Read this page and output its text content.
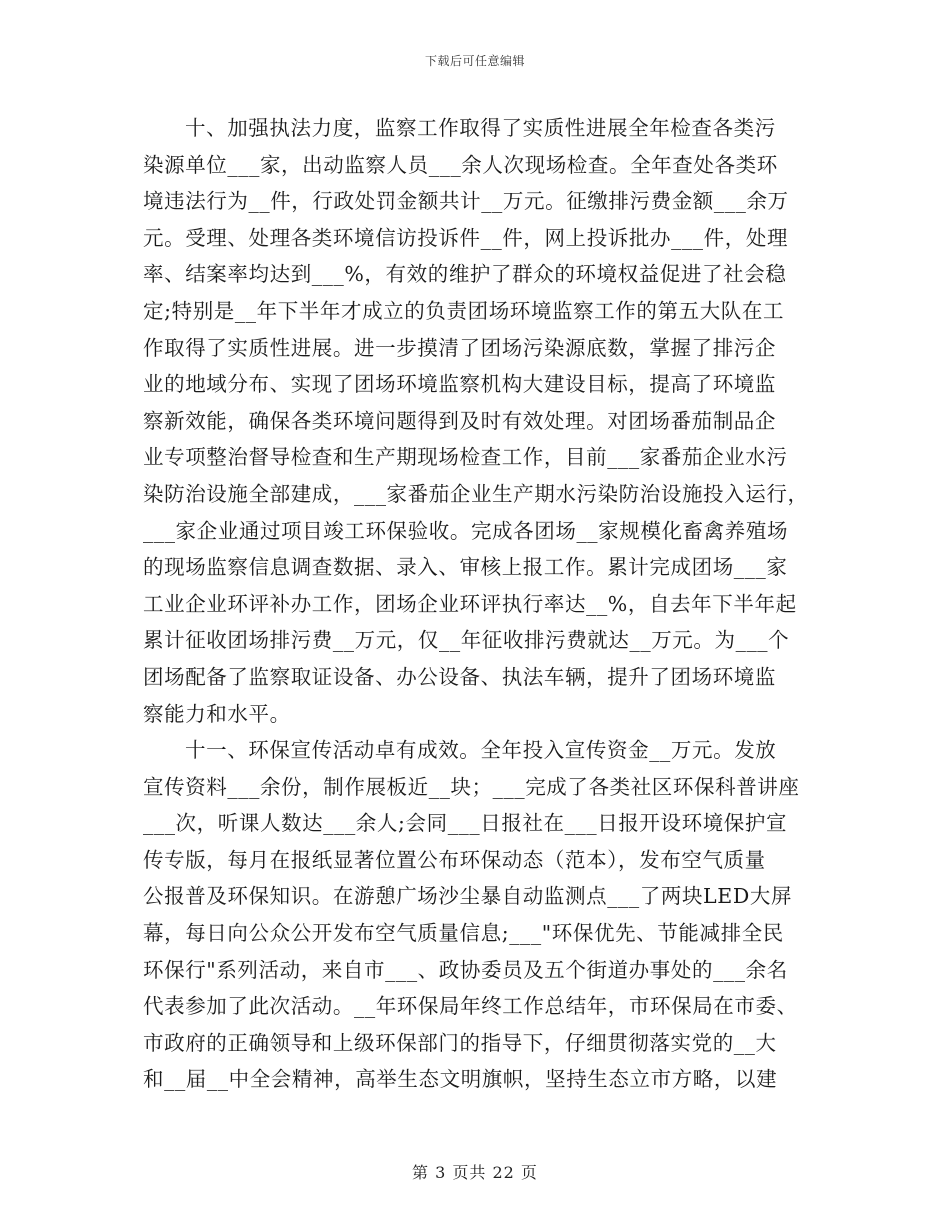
下载后可任意编辑
十、加强执法力度，监察工作取得了实质性进展全年检查各类污
染源单位___家，出动监察人员___余人次现场检查。全年查处各类环
境违法行为__件，行政处罚金额共计__万元。征缴排污费金额___余万
元。受理、处理各类环境信访投诉件__件，网上投诉批办___件，处理
率、结案率均达到___%，有效的维护了群众的环境权益促进了社会稳
定;特别是__年下半年才成立的负责团场环境监察工作的第五大队在工
作取得了实质性进展。进一步摸清了团场污染源底数，掌握了排污企
业的地域分布、实现了团场环境监察机构大建设目标，提高了环境监
察新效能，确保各类环境问题得到及时有效处理。对团场番茄制品企
业专项整治督导检查和生产期现场检查工作，目前___家番茄企业水污
染防治设施全部建成，___家番茄企业生产期水污染防治设施投入运行，
___家企业通过项目竣工环保验收。完成各团场__家规模化畜禽养殖场
的现场监察信息调查数据、录入、审核上报工作。累计完成团场___家
工业企业环评补办工作，团场企业环评执行率达__%，自去年下半年起
累计征收团场排污费__万元，仅__年征收排污费就达__万元。为___个
团场配备了监察取证设备、办公设备、执法车辆，提升了团场环境监
察能力和水平。
十一、环保宣传活动卓有成效。全年投入宣传资金__万元。发放
宣传资料___余份，制作展板近__块；___完成了各类社区环保科普讲座
___次，听课人数达___余人;会同___日报社在___日报开设环境保护宣
传专版，每月在报纸显著位置公布环保动态（范本），发布空气质量
公报普及环保知识。在游憩广场沙尘暴自动监测点___了两块LED大屏
幕，每日向公众公开发布空气质量信息;___"环保优先、节能减排全民
环保行"系列活动，来自市___、政协委员及五个街道办事处的___余名
代表参加了此次活动。__年环保局年终工作总结年，市环保局在市委、
市政府的正确领导和上级环保部门的指导下，仔细贯彻落实党的__大
和__届__中全会精神，高举生态文明旗帜，坚持生态立市方略，以建
第 3 页共 22 页
